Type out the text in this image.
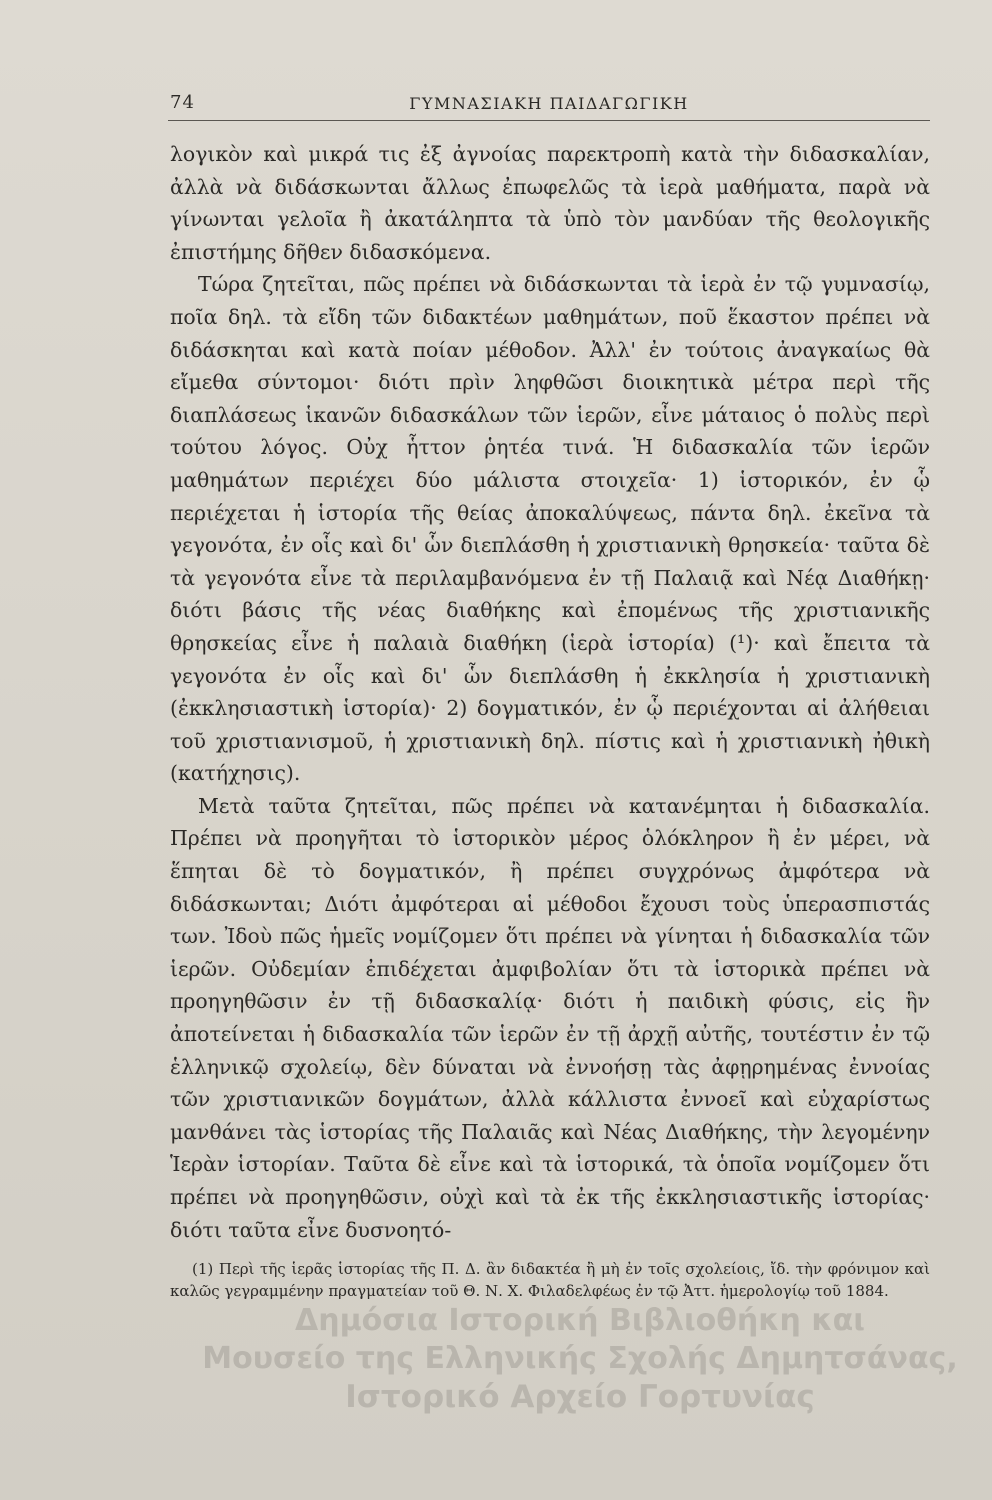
74	ΓΥΜΝΑΣΙΑΚΗ ΠΑΙΔΑΓΩΓΙΚΗ

λογικὸν καὶ μικρά τις ἐξ ἀγνοίας παρεκτροπὴ κατὰ τὴν διδασκαλίαν, ἀλλὰ νὰ διδάσκωνται ἄλλως ἐπωφελῶς τὰ ἱερὰ μαθήματα, παρὰ νὰ γίνωνται γελοῖα ἢ ἀκατάληπτα τὰ ὑπὸ τὸν μανδύαν τῆς θεολογικῆς ἐπιστήμης δῆθεν διδασκόμενα.

Τώρα ζητεῖται, πῶς πρέπει νὰ διδάσκωνται τὰ ἱερὰ ἐν τῷ γυμνασίῳ, ποῖα δηλ. τὰ εἴδη τῶν διδακτέων μαθημάτων, ποῦ ἕκαστον πρέπει νὰ διδάσκηται καὶ κατὰ ποίαν μέθοδον. Ἀλλ' ἐν τούτοις ἀναγκαίως θὰ εἴμεθα σύντομοι· διότι πρὶν ληφθῶσι διοικητικὰ μέτρα περὶ τῆς διαπλάσεως ἱκανῶν διδασκάλων τῶν ἱερῶν, εἶνε μάταιος ὁ πολὺς περὶ τούτου λόγος. Οὐχ ἧττον ῥητέα τινά. Ἡ διδασκαλία τῶν ἱερῶν μαθημάτων περιέχει δύο μάλιστα στοιχεῖα· 1) ἱστορικόν, ἐν ᾧ περιέχεται ἡ ἱστορία τῆς θείας ἀποκαλύψεως, πάντα δηλ. ἐκεῖνα τὰ γεγονότα, ἐν οἷς καὶ δι' ὧν διεπλάσθη ἡ χριστιανικὴ θρησκεία· ταῦτα δὲ τὰ γεγονότα εἶνε τὰ περιλαμβανόμενα ἐν τῇ Παλαιᾷ καὶ Νέᾳ Διαθήκῃ· διότι βάσις τῆς νέας διαθήκης καὶ ἐπομένως τῆς χριστιανικῆς θρησκείας εἶνε ἡ παλαιὰ διαθήκη (ἱερὰ ἱστορία) (¹)· καὶ ἔπειτα τὰ γεγονότα ἐν οἷς καὶ δι' ὧν διεπλάσθη ἡ ἐκκλησία ἡ χριστιανικὴ (ἐκκλησιαστικὴ ἱστορία)· 2) δογματικόν, ἐν ᾧ περιέχονται αἱ ἀλήθειαι τοῦ χριστιανισμοῦ, ἡ χριστιανικὴ δηλ. πίστις καὶ ἡ χριστιανικὴ ἠθικὴ (κατήχησις).

Μετὰ ταῦτα ζητεῖται, πῶς πρέπει νὰ κατανέμηται ἡ διδασκαλία. Πρέπει νὰ προηγῆται τὸ ἱστορικὸν μέρος ὁλόκληρον ἢ ἐν μέρει, νὰ ἕπηται δὲ τὸ δογματικόν, ἢ πρέπει συγχρόνως ἀμφότερα νὰ διδάσκωνται; Διότι ἀμφότεραι αἱ μέθοδοι ἔχουσι τοὺς ὑπερασπιστάς των. Ἰδοὺ πῶς ἡμεῖς νομίζομεν ὅτι πρέπει νὰ γίνηται ἡ διδασκαλία τῶν ἱερῶν. Οὐδεμίαν ἐπιδέχεται ἀμφιβολίαν ὅτι τὰ ἱστορικὰ πρέπει νὰ προηγηθῶσιν ἐν τῇ διδασκαλίᾳ· διότι ἡ παιδικὴ φύσις, εἰς ἣν ἀποτείνεται ἡ διδασκαλία τῶν ἱερῶν ἐν τῇ ἀρχῇ αὐτῆς, τουτέστιν ἐν τῷ ἑλληνικῷ σχολείῳ, δὲν δύναται νὰ ἐννοήσῃ τὰς ἀφῃρημένας ἐννοίας τῶν χριστιανικῶν δογμάτων, ἀλλὰ κάλλιστα ἐννοεῖ καὶ εὐχαρίστως μανθάνει τὰς ἱστορίας τῆς Παλαιᾶς καὶ Νέας Διαθήκης, τὴν λεγομένην Ἱερὰν ἱστορίαν. Ταῦτα δὲ εἶνε καὶ τὰ ἱστορικά, τὰ ὁποῖα νομίζομεν ὅτι πρέπει νὰ προηγηθῶσιν, οὐχὶ καὶ τὰ ἐκ τῆς ἐκκλησιαστικῆς ἱστορίας· διότι ταῦτα εἶνε δυσνοητό-

(1) Περὶ τῆς ἱερᾶς ἱστορίας τῆς Π. Δ. ἂν διδακτέα ἢ μὴ ἐν τοῖς σχολείοις, ἴδ. τὴν φρόνιμον καὶ καλῶς γεγραμμένην πραγματείαν τοῦ Θ. Ν. Χ. Φιλαδελφέως ἐν τῷ Ἀττ. ἡμερολογίῳ τοῦ 1884.

Δημόσια Ιστορική Βιβλιοθήκη και
Μουσείο της Ελληνικής Σχολής Δημητσάνας,
Ιστορικό Αρχείο Γορτυνίας
